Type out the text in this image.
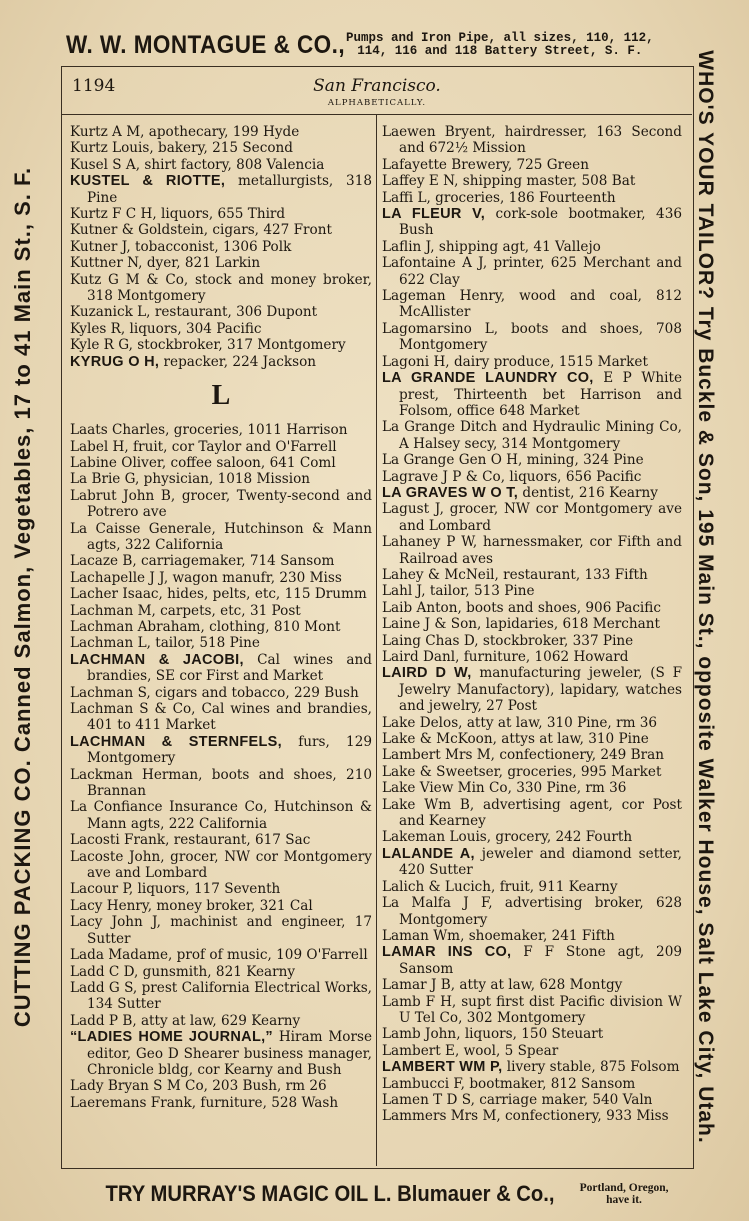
W. W. MONTAGUE & CO., Pumps and Iron Pipe, all sizes, 110, 112,
114, 116 and 118 Battery Street, S. F.
CUTTING PACKING CO. Canned Salmon, Vegetables, 17 to 41 Main St., S. F.	WHO'S YOUR TAILOR? Try Buckle & Son, 195 Main St., opposite Walker House, Salt Lake City, Utah.
1194	San Francisco.
ALPHABETICALLY.
Kurtz A M, apothecary, 199 Hyde
Kurtz Louis, bakery, 215 Second
Kusel S A, shirt factory, 808 Valencia
KUSTEL & RIOTTE, metallurgists, 318 Pine
Kurtz F C H, liquors, 655 Third
Kutner & Goldstein, cigars, 427 Front
Kutner J, tobacconist, 1306 Polk
Kuttner N, dyer, 821 Larkin
Kutz G M & Co, stock and money broker, 318 Montgomery
Kuzanick L, restaurant, 306 Dupont
Kyles R, liquors, 304 Pacific
Kyle R G, stockbroker, 317 Montgomery
KYRUG O H, repacker, 224 Jackson
L
Laats Charles, groceries, 1011 Harrison
Label H, fruit, cor Taylor and O'Farrell
Labine Oliver, coffee saloon, 641 Coml
La Brie G, physician, 1018 Mission
Labrut John B, grocer, Twenty-second and Potrero ave
La Caisse Generale, Hutchinson & Mann agts, 322 California
Lacaze B, carriagemaker, 714 Sansom
Lachapelle J J, wagon manufr, 230 Miss
Lacher Isaac, hides, pelts, etc, 115 Drumm
Lachman M, carpets, etc, 31 Post
Lachman Abraham, clothing, 810 Mont
Lachman L, tailor, 518 Pine
LACHMAN & JACOBI, Cal wines and brandies, SE cor First and Market
Lachman S, cigars and tobacco, 229 Bush
Lachman S & Co, Cal wines and brandies, 401 to 411 Market
LACHMAN & STERNFELS, furs, 129 Montgomery
Lackman Herman, boots and shoes, 210 Brannan
La Confiance Insurance Co, Hutchinson & Mann agts, 222 California
Lacosti Frank, restaurant, 617 Sac
Lacoste John, grocer, NW cor Montgomery ave and Lombard
Lacour P, liquors, 117 Seventh
Lacy Henry, money broker, 321 Cal
Lacy John J, machinist and engineer, 17 Sutter
Lada Madame, prof of music, 109 O'Farrell
Ladd C D, gunsmith, 821 Kearny
Ladd G S, prest California Electrical Works, 134 Sutter
Ladd P B, atty at law, 629 Kearny
“LADIES HOME JOURNAL,” Hiram Morse editor, Geo D Shearer business manager, Chronicle bldg, cor Kearny and Bush
Lady Bryan S M Co, 203 Bush, rm 26
Laeremans Frank, furniture, 528 Wash
Laewen Bryent, hairdresser, 163 Second and 672½ Mission
Lafayette Brewery, 725 Green
Laffey E N, shipping master, 508 Bat
Laffi L, groceries, 186 Fourteenth
LA FLEUR V, cork-sole bootmaker, 436 Bush
Laflin J, shipping agt, 41 Vallejo
Lafontaine A J, printer, 625 Merchant and 622 Clay
Lageman Henry, wood and coal, 812 McAllister
Lagomarsino L, boots and shoes, 708 Montgomery
Lagoni H, dairy produce, 1515 Market
LA GRANDE LAUNDRY CO, E P White prest, Thirteenth bet Harrison and Folsom, office 648 Market
La Grange Ditch and Hydraulic Mining Co, A Halsey secy, 314 Montgomery
La Grange Gen O H, mining, 324 Pine
Lagrave J P & Co, liquors, 656 Pacific
LA GRAVES W O T, dentist, 216 Kearny
Lagust J, grocer, NW cor Montgomery ave and Lombard
Lahaney P W, harnessmaker, cor Fifth and Railroad aves
Lahey & McNeil, restaurant, 133 Fifth
Lahl J, tailor, 513 Pine
Laib Anton, boots and shoes, 906 Pacific
Laine J & Son, lapidaries, 618 Merchant
Laing Chas D, stockbroker, 337 Pine
Laird Danl, furniture, 1062 Howard
LAIRD D W, manufacturing jeweler, (S F Jewelry Manufactory), lapidary, watches and jewelry, 27 Post
Lake Delos, atty at law, 310 Pine, rm 36
Lake & McKoon, attys at law, 310 Pine
Lambert Mrs M, confectionery, 249 Bran
Lake & Sweetser, groceries, 995 Market
Lake View Min Co, 330 Pine, rm 36
Lake Wm B, advertising agent, cor Post and Kearney
Lakeman Louis, grocery, 242 Fourth
LALANDE A, jeweler and diamond setter, 420 Sutter
Lalich & Lucich, fruit, 911 Kearny
La Malfa J F, advertising broker, 628 Montgomery
Laman Wm, shoemaker, 241 Fifth
LAMAR INS CO, F F Stone agt, 209 Sansom
Lamar J B, atty at law, 628 Montgy
Lamb F H, supt first dist Pacific division W U Tel Co, 302 Montgomery
Lamb John, liquors, 150 Steuart
Lambert E, wool, 5 Spear
LAMBERT WM P, livery stable, 875 Folsom
Lambucci F, bootmaker, 812 Sansom
Lamen T D S, carriage maker, 540 Valn
Lammers Mrs M, confectionery, 933 Miss
TRY MURRAY'S MAGIC OIL L. Blumauer & Co., Portland, Oregon,
have it.
